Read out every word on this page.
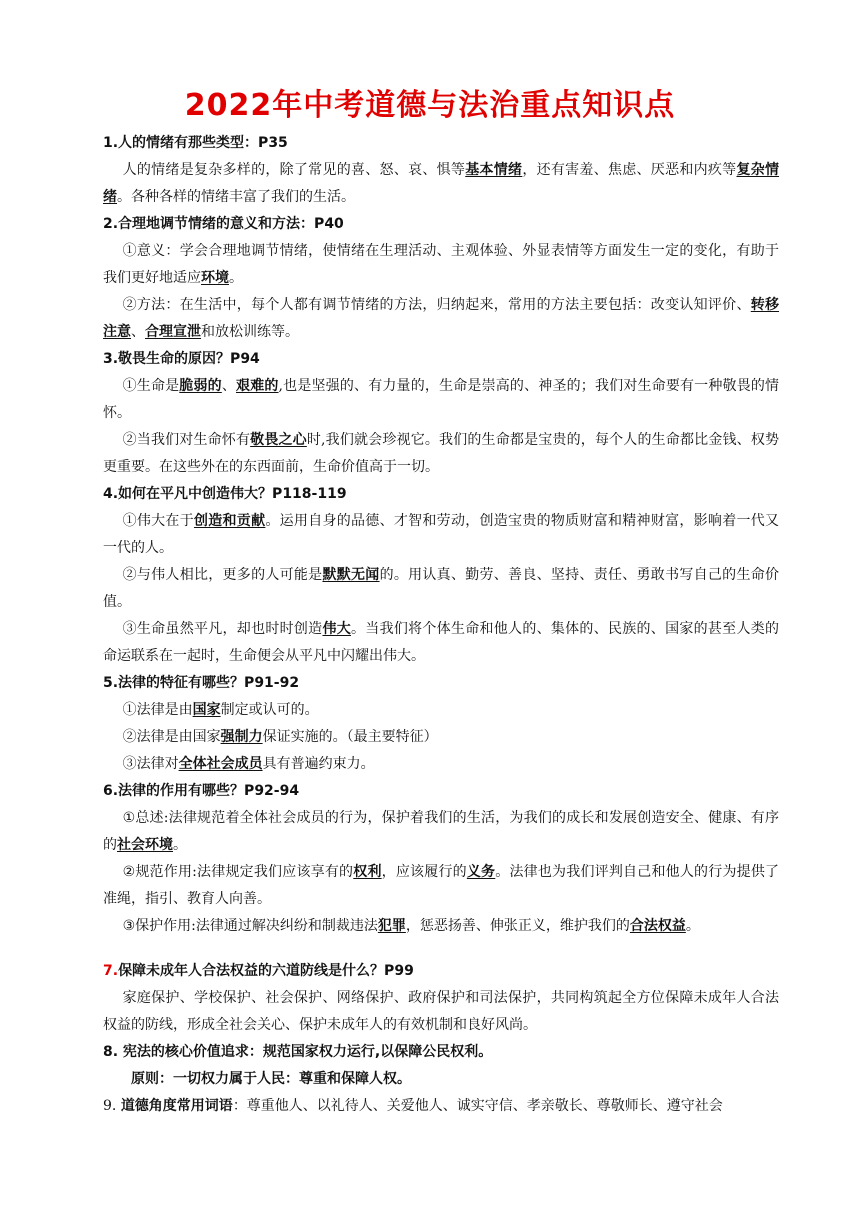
2022年中考道德与法治重点知识点

1.人的情绪有那些类型：P35

人的情绪是复杂多样的，除了常见的喜、怒、哀、惧等基本情绪，还有害羞、焦虑、厌恶和内疚等复杂情绪。各种各样的情绪丰富了我们的生活。

2.合理地调节情绪的意义和方法：P40

①意义：学会合理地调节情绪，使情绪在生理活动、主观体验、外显表情等方面发生一定的变化，有助于我们更好地适应环境。

②方法：在生活中，每个人都有调节情绪的方法，归纳起来，常用的方法主要包括：改变认知评价、转移注意、合理宣泄和放松训练等。

3.敬畏生命的原因？P94

①生命是脆弱的、艰难的,也是坚强的、有力量的，生命是崇高的、神圣的；我们对生命要有一种敬畏的情怀。

②当我们对生命怀有敬畏之心时,我们就会珍视它。我们的生命都是宝贵的，每个人的生命都比金钱、权势更重要。在这些外在的东西面前，生命价值高于一切。

4.如何在平凡中创造伟大？P118-119

①伟大在于创造和贡献。运用自身的品德、才智和劳动，创造宝贵的物质财富和精神财富，影响着一代又一代的人。

②与伟人相比，更多的人可能是默默无闻的。用认真、勤劳、善良、坚持、责任、勇敢书写自己的生命价值。

③生命虽然平凡，却也时时创造伟大。当我们将个体生命和他人的、集体的、民族的、国家的甚至人类的命运联系在一起时，生命便会从平凡中闪耀出伟大。

5.法律的特征有哪些？P91-92

①法律是由国家制定或认可的。

②法律是由国家强制力保证实施的。（最主要特征）

③法律对全体社会成员具有普遍约束力。

6.法律的作用有哪些？P92-94

①总述:法律规范着全体社会成员的行为，保护着我们的生活，为我们的成长和发展创造安全、健康、有序的社会环境。

②规范作用:法律规定我们应该享有的权利，应该履行的义务。法律也为我们评判自己和他人的行为提供了准绳，指引、教育人向善。

③保护作用:法律通过解决纠纷和制裁违法犯罪，惩恶扬善、伸张正义，维护我们的合法权益。

7.保障未成年人合法权益的六道防线是什么？P99

家庭保护、学校保护、社会保护、网络保护、政府保护和司法保护，共同构筑起全方位保障未成年人合法权益的防线，形成全社会关心、保护未成年人的有效机制和良好风尚。

8. 宪法的核心价值追求：规范国家权力运行,以保障公民权利。

原则：一切权力属于人民：尊重和保障人权。

9. 道德角度常用词语：尊重他人、以礼待人、关爱他人、诚实守信、孝亲敬长、尊敬师长、遵守社会
